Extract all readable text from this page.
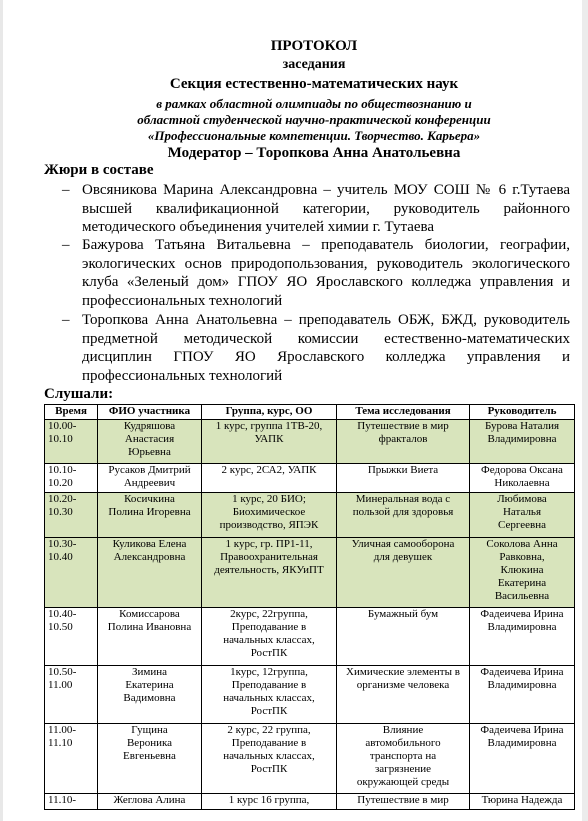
ПРОТОКОЛ
заседания
Секция естественно-математических наук
в рамках областной олимпиады по обществознанию и
областной студенческой научно-практической конференции
«Профессиональные компетенции. Творчество. Карьера»
Модератор – Торопкова Анна Анатольевна
Жюри в составе
– Овсяникова Марина Александровна – учитель МОУ СОШ № 6 г.Тутаева высшей квалификационной категории, руководитель районного методического объединения учителей химии г. Тутаева
– Бажурова Татьяна Витальевна – преподаватель биологии, географии, экологических основ природопользования, руководитель экологического клуба «Зеленый дом» ГПОУ ЯО Ярославского колледжа управления и профессиональных технологий
– Торопкова Анна Анатольевна – преподаватель ОБЖ, БЖД, руководитель предметной методической комиссии естественно-математических дисциплин ГПОУ ЯО Ярославского колледжа управления и профессиональных технологий
Слушали:
Время	ФИО участника	Группа, курс, ОО	Тема исследования	Руководитель
10.00-
10.10	Кудряшова
Анастасия
Юрьевна	1 курс, группа 1ТВ-20,
УАПК	Путешествие в мир
фракталов	Бурова Наталия
Владимировна
10.10-
10.20	Русаков Дмитрий
Андреевич	2 курс, 2СА2, УАПК	Прыжки Виета	Федорова Оксана
Николаевна
10.20-
10.30	Косичкина
Полина Игоревна	1 курс, 20 БИО;
Биохимическое
производство, ЯПЭК	Минеральная вода с
пользой для здоровья	Любимова
Наталья
Сергеевна
10.30-
10.40	Куликова Елена
Александровна	1 курс, гр. ПР1-11,
Правоохранительная
деятельность, ЯКУиПТ	Уличная самооборона
для девушек	Соколова Анна
Равковна,
Клюкина
Екатерина
Васильевна
10.40-
10.50	Комиссарова
Полина Ивановна	2курс, 22группа,
Преподавание в
начальных классах,
РостПК	Бумажный бум	Фадеичева Ирина
Владимировна
10.50-
11.00	Зимина
Екатерина
Вадимовна	1курс, 12группа,
Преподавание в
начальных классах,
РостПК	Химические элементы в
организме человека	Фадеичева Ирина
Владимировна
11.00-
11.10	Гущина
Вероника
Евгеньевна	2 курс, 22 группа,
Преподавание в
начальных классах,
РостПК	Влияние
автомобильного
транспорта на
загрязнение
окружающей среды	Фадеичева Ирина
Владимировна
11.10-	Жеглова Алина	1 курс 16 группа,	Путешествие в мир	Тюрина Надежда
